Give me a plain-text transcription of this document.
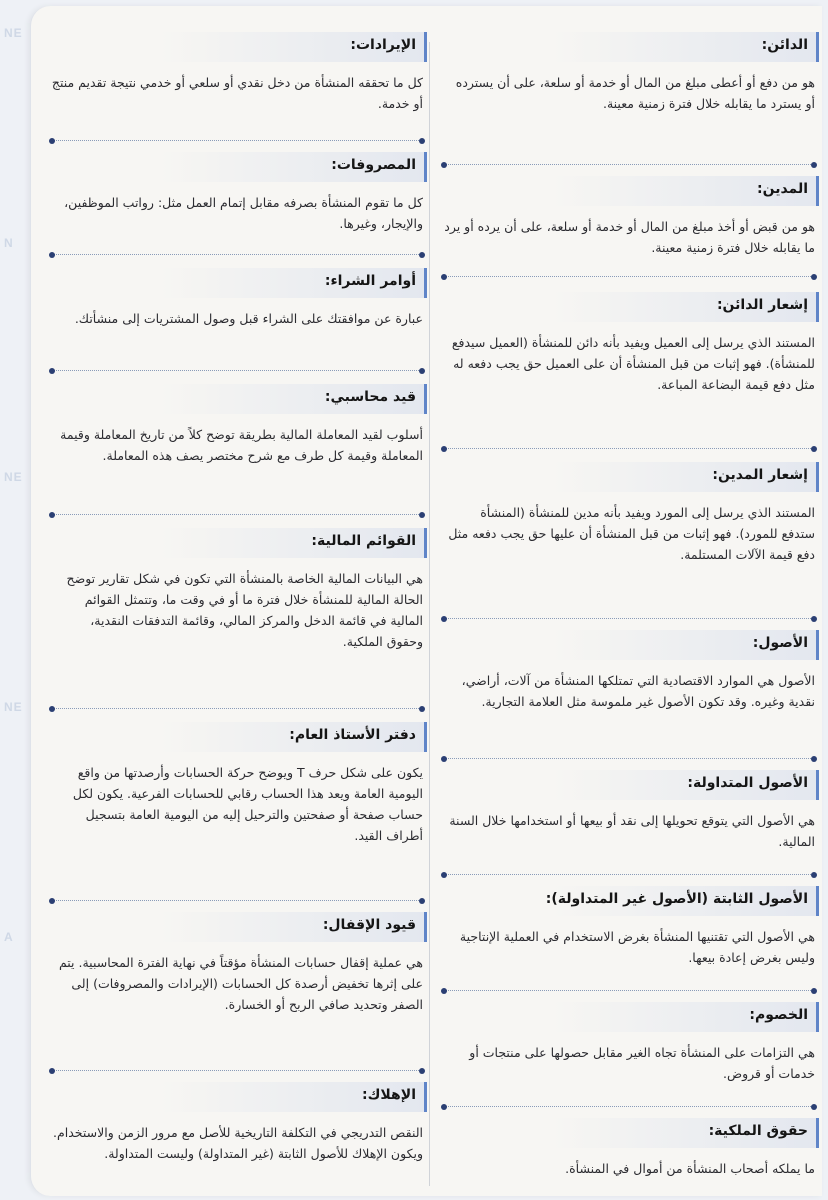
NE
N
NE
NE
A
الدائن:
هو من دفع أو أعطى مبلغ من المال أو خدمة أو سلعة، على أن يسترده أو يسترد ما يقابله خلال فترة زمنية معينة.
المدين:
هو من قبض أو أخذ مبلغ من المال أو خدمة أو سلعة، على أن يرده أو يرد ما يقابله خلال فترة زمنية معينة.
إشعار الدائن:
المستند الذي يرسل إلى العميل ويفيد بأنه دائن للمنشأة (العميل سيدفع للمنشأة). فهو إثبات من قبل المنشأة أن على العميل حق يجب دفعه له مثل دفع قيمة البضاعة المباعة.
إشعار المدين:
المستند الذي يرسل إلى المورد ويفيد بأنه مدين للمنشأة (المنشأة ستدفع للمورد). فهو إثبات من قبل المنشأة أن عليها حق يجب دفعه مثل دفع قيمة الآلات المستلمة.
الأصول:
الأصول هي الموارد الاقتصادية التي تمتلكها المنشأة من آلات، أراضي، نقدية وغيره. وقد تكون الأصول غير ملموسة مثل العلامة التجارية.
الأصول المتداولة:
هي الأصول التي يتوقع تحويلها إلى نقد أو بيعها أو استخدامها خلال السنة المالية.
الأصول الثابتة (الأصول غير المتداولة):
هي الأصول التي تقتنيها المنشأة بغرض الاستخدام في العملية الإنتاجية وليس بغرض إعادة بيعها.
الخصوم:
هي التزامات على المنشأة تجاه الغير مقابل حصولها على منتجات أو خدمات أو قروض.
حقوق الملكية:
ما يملكه أصحاب المنشأة من أموال في المنشأة.
الإيرادات:
كل ما تحققه المنشأة من دخل نقدي أو سلعي أو خدمي نتيجة تقديم منتج أو خدمة.
المصروفات:
كل ما تقوم المنشأة بصرفه مقابل إتمام العمل مثل: رواتب الموظفين، والإيجار، وغيرها.
أوامر الشراء:
عبارة عن موافقتك على الشراء قبل وصول المشتريات إلى منشأتك.
قيد محاسبي:
أسلوب لقيد المعاملة المالية بطريقة توضح كلاً من تاريخ المعاملة وقيمة المعاملة وقيمة كل طرف مع شرح مختصر يصف هذه المعاملة.
القوائم المالية:
هي البيانات المالية الخاصة بالمنشأة التي تكون في شكل تقارير توضح الحالة المالية للمنشأة خلال فترة ما أو في وقت ما، وتتمثل القوائم المالية في قائمة الدخل والمركز المالي، وقائمة التدفقات النقدية، وحقوق الملكية.
دفتر الأستاذ العام:
يكون على شكل حرف T ويوضح حركة الحسابات وأرصدتها من واقع اليومية العامة ويعد هذا الحساب رقابي للحسابات الفرعية. يكون لكل حساب صفحة أو صفحتين والترحيل إليه من اليومية العامة بتسجيل أطراف القيد.
قيود الإقفال:
هي عملية إقفال حسابات المنشأة مؤقتاً في نهاية الفترة المحاسبية. يتم على إثرها تخفيض أرصدة كل الحسابات (الإيرادات والمصروفات) إلى الصفر وتحديد صافي الربح أو الخسارة.
الإهلاك:
النقص التدريجي في التكلفة التاريخية للأصل مع مرور الزمن والاستخدام. ويكون الإهلاك للأصول الثابتة (غير المتداولة) وليست المتداولة.
